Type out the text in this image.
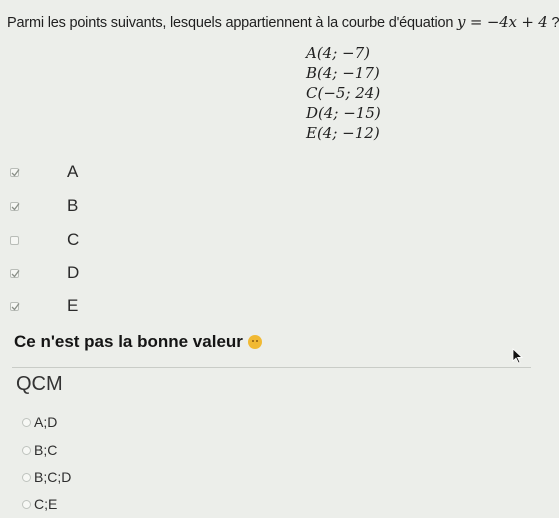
Parmi les points suivants, lesquels appartiennent à la courbe d'équation y = −4x + 4 ?
A(4; −7)
B(4; −17)
C(−5; 24)
D(4; −15)
E(4; −12)
A
B
C
D
E
Ce n'est pas la bonne valeur
QCM
A;D
B;C
B;C;D
C;E
